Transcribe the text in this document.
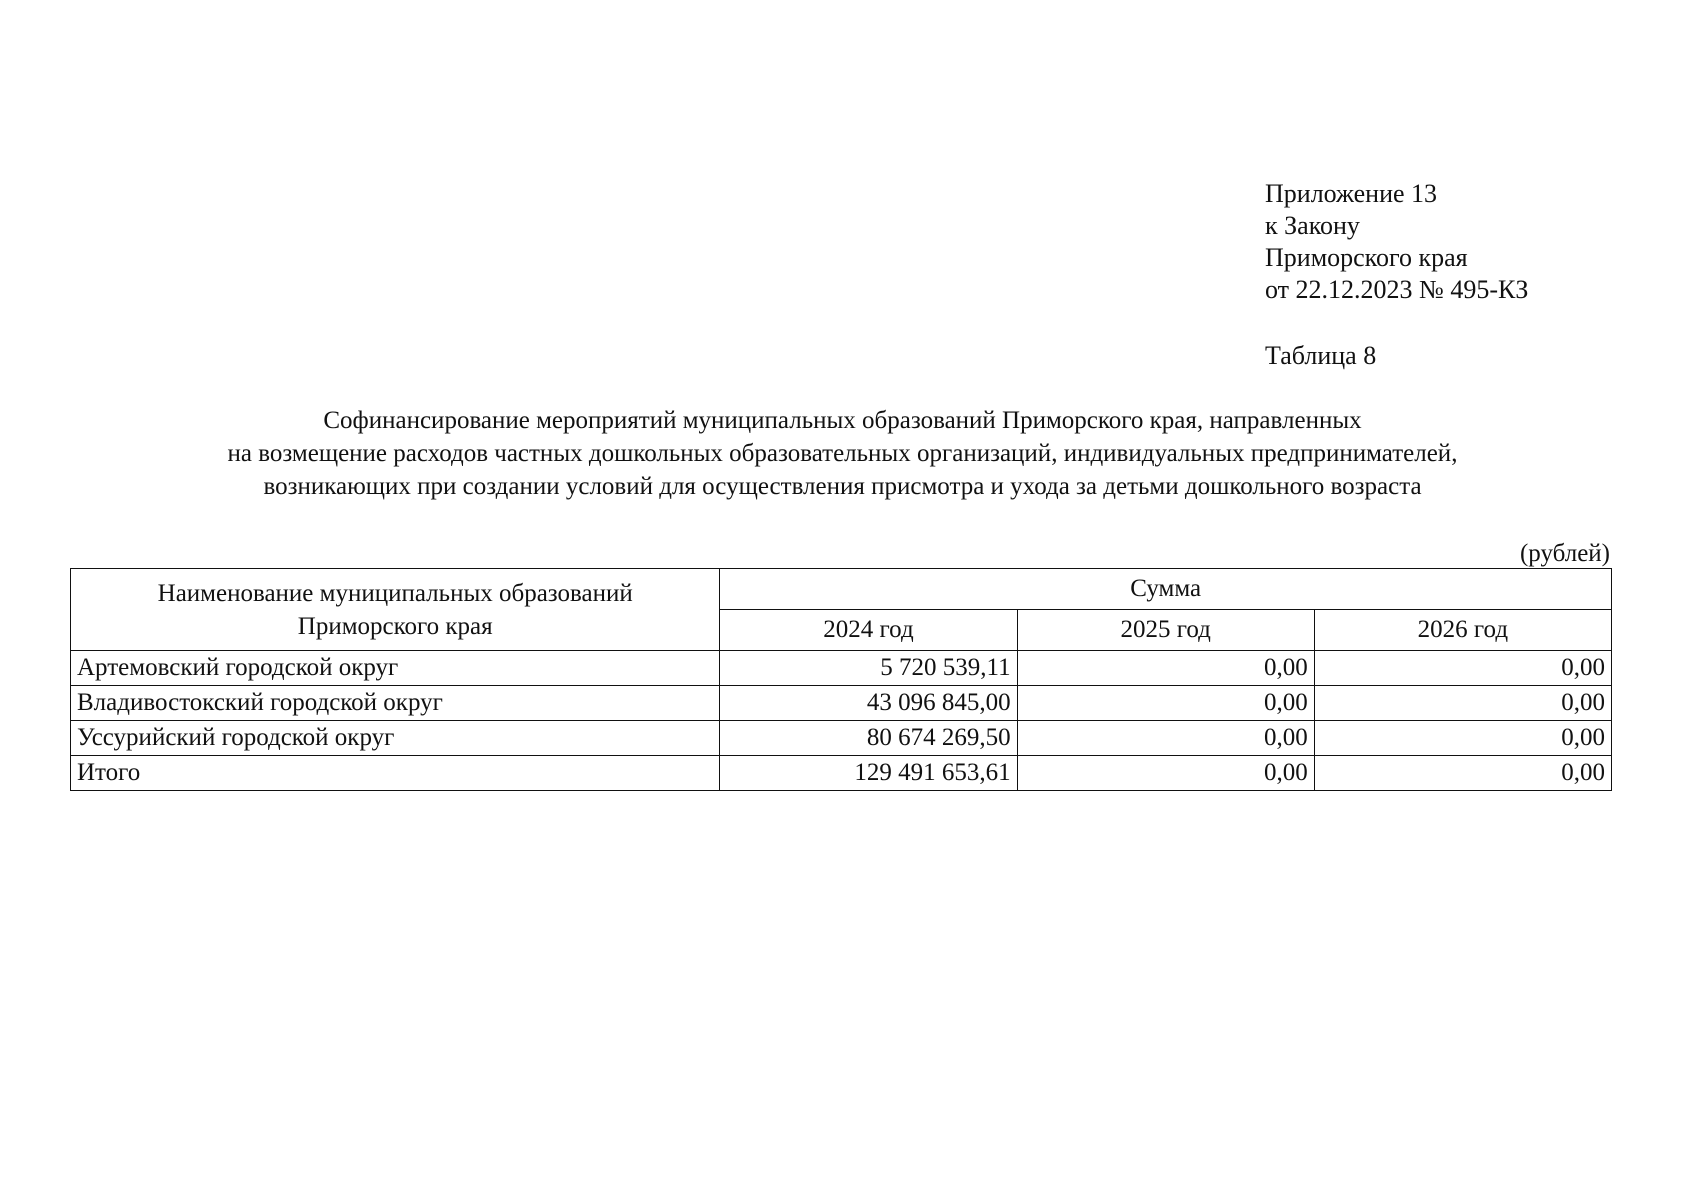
Приложение 13
к Закону
Приморского края
от 22.12.2023 № 495-КЗ
Таблица 8
Софинансирование мероприятий муниципальных образований Приморского края, направленных
на возмещение расходов частных дошкольных образовательных организаций, индивидуальных предпринимателей,
возникающих при создании условий для осуществления присмотра и ухода за детьми дошкольного возраста
(рублей)
Наименование муниципальных образований
Приморского края	Сумма		
	2024 год	2025 год	2026 год
Артемовский городской округ	5 720 539,11	0,00	0,00
Владивостокский городской округ	43 096 845,00	0,00	0,00
Уссурийский городской округ	80 674 269,50	0,00	0,00
Итого	129 491 653,61	0,00	0,00
